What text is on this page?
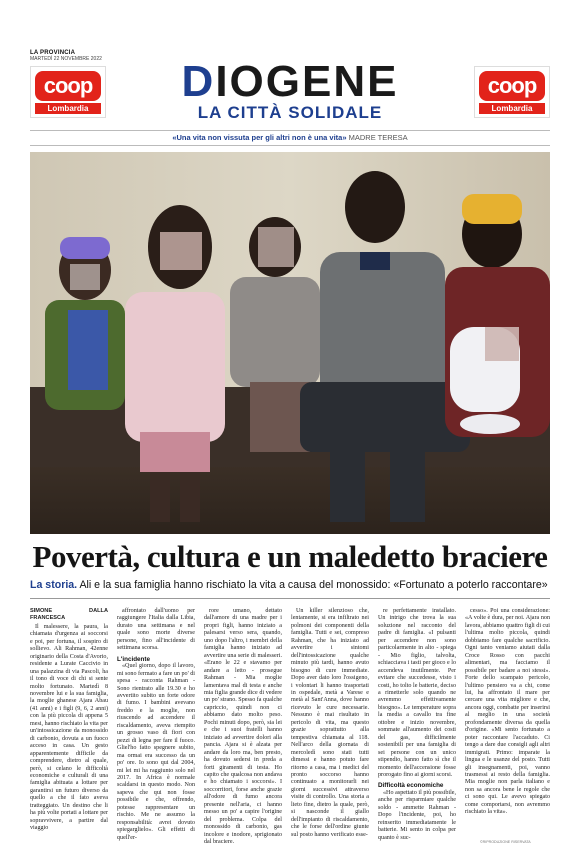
LA PROVINCIA
MARTEDÌ 22 NOVEMBRE 2022
coop
Lombardia
DIOGENE
LA CITTÀ SOLIDALE
coop
Lombardia
«Una vita non vissuta per gli altri non è una vita» MADRE TERESA
Povertà, cultura e un maledetto braciere
La storia. Ali e la sua famiglia hanno rischiato la vita a causa del monossido: «Fortunato a poterlo raccontare»

SIMONE DALLA FRANCESCA

Il malessere, la paura, la chiamata d'urgenza ai soccorsi e poi, per fortuna, il sospiro di sollievo. Ali Rahman, 42enne originario della Costa d'Avorio, residente a Lurate Caccivio in una palazzina di via Pascoli, ha il tono di voce di chi si sente molto fortunato. Martedì 8 novembre lui e la sua famiglia, la moglie ghanese Ajara Abau (41 anni) e i figli (9, 6, 2 anni) con la più piccola di appena 5 mesi, hanno rischiato la vita per un'intossicazione da monossido di carbonio, dovuta a un fuoco acceso in casa. Un gesto apparentemente difficile da comprendere, dietro al quale, però, si celano le difficoltà economiche e culturali di una famiglia abituata a lottare per garantirsi un futuro diverso da quello a che il fato aveva tratteggiato. Un destino che li ha più volte portati a lottare per sopravvivere, a partire dal viaggio

affrontato dall'uomo per raggiungere l'Italia dalla Libia, durato una settimana e nel quale sono morte diverse persone, fino all'incidente di settimana scorsa.

L'incidente

«Quel giorno, dopo il lavoro, mi sono fermato a fare un po' di spesa - racconta Rahman - Sono rientrato alle 19.30 e ho avvertito subito un forte odore di fumo. I bambini avevano freddo e la moglie, non riuscendo ad accendere il riscaldamento, aveva riempito un grosso vaso di fiori con pezzi di legna per fare il fuoco. Gliel'ho fatto spegnere subito, ma ormai era successo da un po' ore. Io sono qui dal 2004, mi lei mi ha raggiunto solo nel 2017. In Africa è normale scaldarsi in questo modo. Non sapeva che qui non fosse possibile e che, offrendo, potesse rappresentare un rischio. Me ne assumo la responsabilità: avrei dovuto spiegarglielo». Gli effetti di quell'er-

rore umano, dettato dall'amore di una madre per i propri figli, hanno iniziato a palesarsi verso sera, quando, uno dopo l'altro, i membri della famiglia hanno iniziato ad avvertire una serie di malesseri. «Erano le 22 e stavamo per andare a letto - prosegue Rahman - Mia moglie lamentava mal di testa e anche mia figlia grande dice di vedere un po' strano. Spesso fa qualche capriccio, quindi non ci abbiamo dato molto peso. Pochi minuti dopo, però, sia lei e che i suoi fratelli hanno iniziato ad avvertire dolori alla pancia. Ajara si è alzata per andare da loro ma, ben presto, ha dovuto sedersi in preda a forti giramenti di testa. Ho capito che qualcosa non andava e ho chiamato i soccorsi». I soccorritori, forse anche grazie all'odore di fumo ancora presente nell'aria, ci hanno messo un po' a capire l'origine del problema. Colpa del monossido di carbonio, gas incolore e inodore, sprigionato dal braciere.

Un killer silenzioso che, lentamente, si era infiltrato nei polmoni dei componenti della famiglia. Tutti e sei, compreso Rahman, che ha iniziato ad avvertire i sintomi dell'intossicazione qualche minuto più tardi, hanno avuto bisogno di cure immediate. Dopo aver dato loro l'ossigeno, i volontari li hanno trasportati in ospedale, metà a Varese e metà al Sant'Anna, dove hanno ricevuto le cure necessarie. Nessuno è mai risultato in pericolo di vita, ma questo grazie soprattutto alla tempestiva chiamata al 118. Nell'arco della giornata di mercoledì sono stati tutti dimessi e hanno potuto fare ritorno a casa, ma i medici del pronto soccorso hanno continuato a monitorarli nei giorni successivi attraverso visite di controllo. Una storia a lieto fine, dietro la quale, però, si nasconde il giallo dell'impianto di riscaldamento, che le forse dell'ordine giunte sul posto hanno verificato esse-

re perfettamente installato. Un intrigo che trova la sua soluzione nel racconto del padre di famiglia. «I pulsanti per accendere non sono particolarmente in alto - spiega - Mio figlio, talvolta, schiacciava i tasti per gioco e lo accendeva inutilmente. Per evitare che succedesse, visto i costi, ho tolto le batterie, deciso a rimetterle solo quando ne avremmo effettivamente bisogno». Le temperature sopra la media a cavallo tra fine ottobre e inizio novembre, sommate all'aumento dei costi del gas, difficilmente sostenibili per una famiglia di sei persone con un unico stipendio, hanno fatto sì che il momento dell'accensione fosse prorogato fino ai giorni scorsi.

Difficoltà economiche

«Ho aspettato il più possibile, anche per risparmiare qualche soldo - ammette Rahman - Dopo l'incidente, poi, ho reinserito immediatamente le batterie. Mi sento in colpa per quanto è suc-

cesso». Poi una considerazione: «A volte è dura, per noi. Ajara non lavora, abbiamo quattro figli di cui l'ultima molto piccola, quindi dobbiamo fare qualche sacrificio. Ogni tanto veniamo aiutati dalla Croce Rosso con pacchi alimentari, ma facciamo il possibile per badare a noi stessi». Forte dello scampato pericolo, l'ultimo pensiero va a chi, come lui, ha affrontato il mare per cercare una vita migliore e che, ancora oggi, combatte per inserirsi al meglio in una società profondamente diversa da quella d'origine. «Mi sento fortunato a poter raccontare l'accaduto. Ci tengo a dare due consigli agli altri immigrati. Primo: imparate la lingua e le usanze del posto. Tutti gli insegnamenti, poi, vanno trasmessi ai resto della famiglia. Mia moglie non parla italiano e non sa ancora bene le regole che ci sono qui. Le avevo spiegato come comportarsi, non avremmo rischiato la vita».

©RIPRODUZIONE RISERVATA
